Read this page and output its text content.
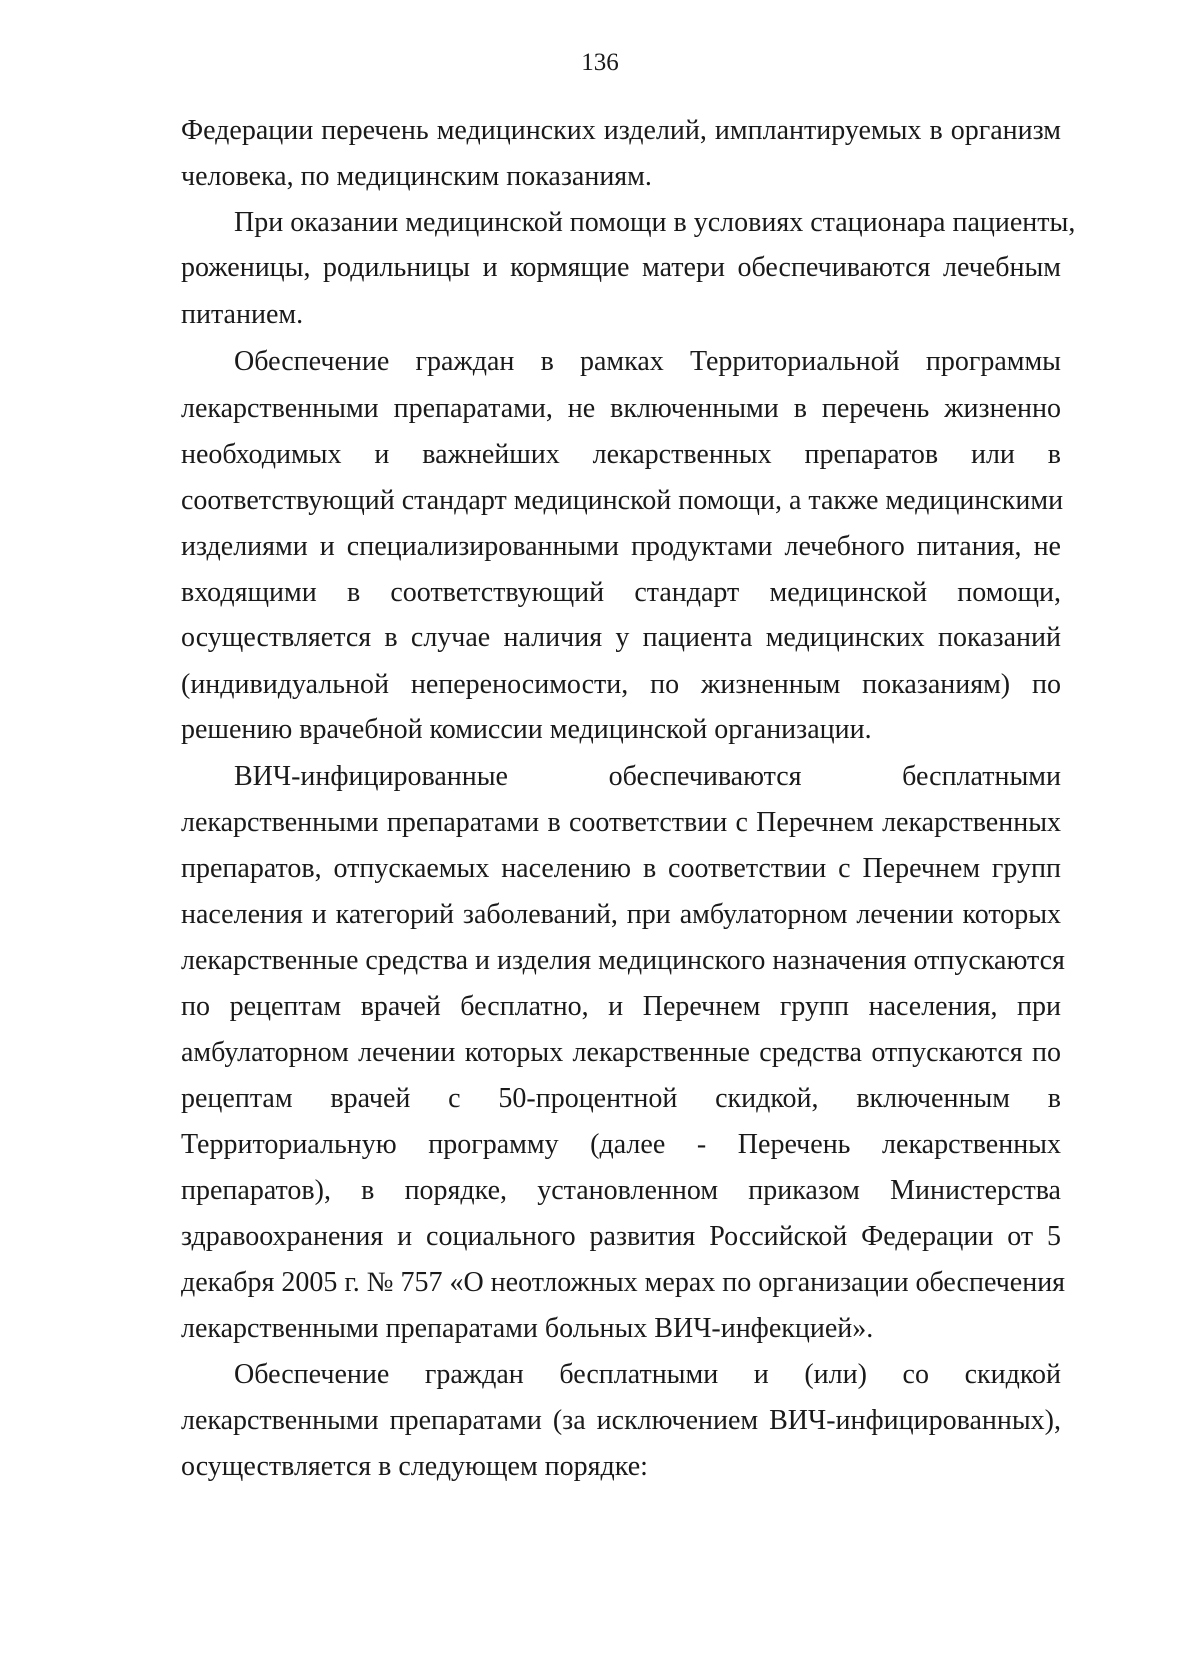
136
Федерации перечень медицинских изделий, имплантируемых в организм
человека, по медицинским показаниям.
При оказании медицинской помощи в условиях стационара пациенты,
роженицы, родильницы и кормящие матери обеспечиваются лечебным
питанием.
Обеспечение граждан в рамках Территориальной программы
лекарственными препаратами, не включенными в перечень жизненно
необходимых и важнейших лекарственных препаратов или в
соответствующий стандарт медицинской помощи, а также медицинскими
изделиями и специализированными продуктами лечебного питания, не
входящими в соответствующий стандарт медицинской помощи,
осуществляется в случае наличия у пациента медицинских показаний
(индивидуальной непереносимости, по жизненным показаниям) по
решению врачебной комиссии медицинской организации.
ВИЧ-инфицированные обеспечиваются бесплатными
лекарственными препаратами в соответствии с Перечнем лекарственных
препаратов, отпускаемых населению в соответствии с Перечнем групп
населения и категорий заболеваний, при амбулаторном лечении которых
лекарственные средства и изделия медицинского назначения отпускаются
по рецептам врачей бесплатно, и Перечнем групп населения, при
амбулаторном лечении которых лекарственные средства отпускаются по
рецептам врачей с 50-процентной скидкой, включенным в
Территориальную программу (далее - Перечень лекарственных
препаратов), в порядке, установленном приказом Министерства
здравоохранения и социального развития Российской Федерации от 5
декабря 2005 г. № 757 «О неотложных мерах по организации обеспечения
лекарственными препаратами больных ВИЧ-инфекцией».
Обеспечение граждан бесплатными и (или) со скидкой
лекарственными препаратами (за исключением ВИЧ-инфицированных),
осуществляется в следующем порядке:
